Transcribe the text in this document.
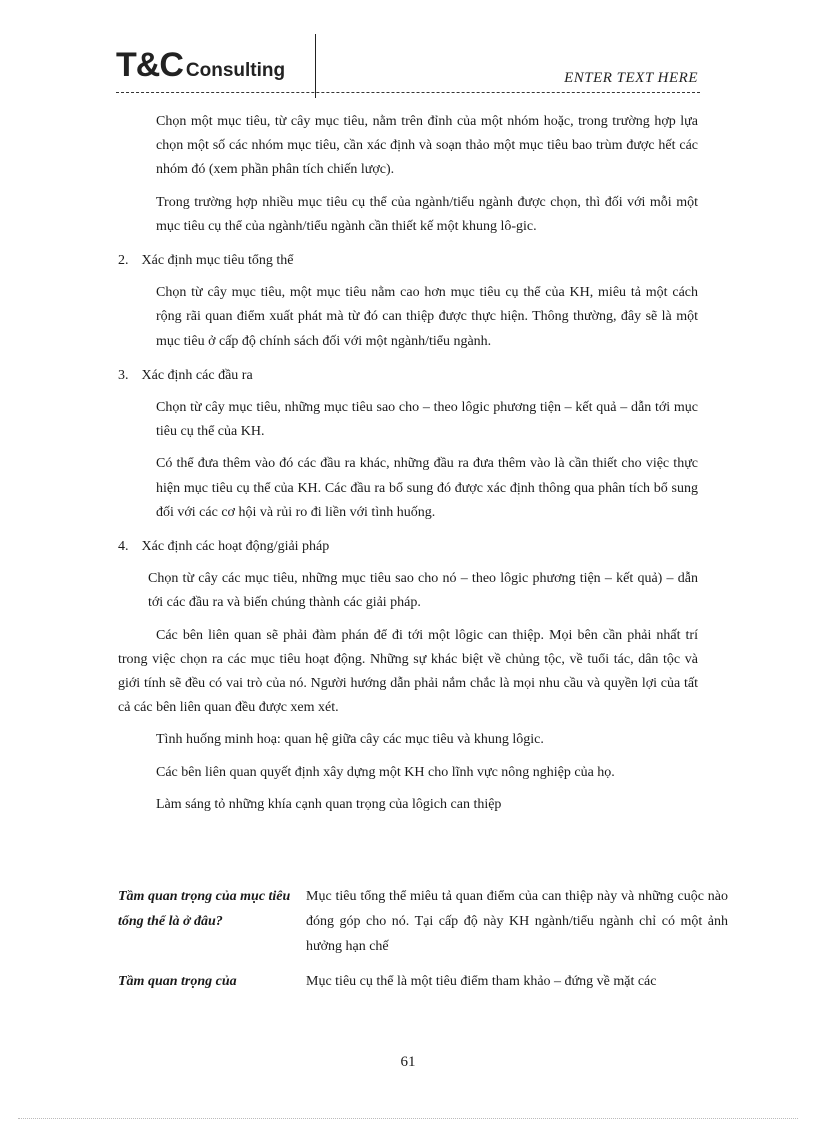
T&C Consulting	ENTER TEXT HERE

Chọn một mục tiêu, từ cây mục tiêu, nằm trên đỉnh của một nhóm hoặc, trong trường hợp lựa chọn một số các nhóm mục tiêu, cần xác định và soạn thảo một mục tiêu bao trùm được hết các nhóm đó (xem phần phân tích chiến lược).

Trong trường hợp nhiều mục tiêu cụ thể của ngành/tiểu ngành được chọn, thì đối với mỗi một mục tiêu cụ thể của ngành/tiểu ngành cần thiết kế một khung lô-gic.

2. Xác định mục tiêu tổng thể

Chọn từ cây mục tiêu, một mục tiêu nằm cao hơn mục tiêu cụ thể của KH, miêu tả một cách rộng rãi quan điểm xuất phát mà từ đó can thiệp được thực hiện. Thông thường, đây sẽ là một mục tiêu ở cấp độ chính sách đối với một ngành/tiểu ngành.

3. Xác định các đầu ra

Chọn từ cây mục tiêu, những mục tiêu sao cho – theo lôgic phương tiện – kết quả – dẫn tới mục tiêu cụ thể của KH.

Có thể đưa thêm vào đó các đầu ra khác, những đầu ra đưa thêm vào là cần thiết cho việc thực hiện mục tiêu cụ thể của KH. Các đầu ra bổ sung đó được xác định thông qua phân tích bổ sung đối với các cơ hội và rủi ro đi liền với tình huống.

4. Xác định các hoạt động/giải pháp

Chọn từ cây các mục tiêu, những mục tiêu sao cho nó – theo lôgic phương tiện – kết quả) – dẫn tới các đầu ra và biến chúng thành các giải pháp.

Các bên liên quan sẽ phải đàm phán để đi tới một lôgic can thiệp. Mọi bên cần phải nhất trí trong việc chọn ra các mục tiêu hoạt động. Những sự khác biệt về chủng tộc, về tuổi tác, dân tộc và giới tính sẽ đều có vai trò của nó. Người hướng dẫn phải nắm chắc là mọi nhu cầu và quyền lợi của tất cả các bên liên quan đều được xem xét.

Tình huống minh hoạ: quan hệ giữa cây các mục tiêu và khung lôgic.

Các bên liên quan quyết định xây dựng một KH cho lĩnh vực nông nghiệp của họ.

Làm sáng tỏ những khía cạnh quan trọng của lôgich can thiệp

Tầm quan trọng của mục tiêu tổng thể là ở đâu?
Mục tiêu tổng thể miêu tả quan điểm của can thiệp này và những cuộc nào đóng góp cho nó. Tại cấp độ này KH ngành/tiểu ngành chỉ có một ảnh hưởng hạn chế
Tầm quan trọng của	Mục tiêu cụ thể là một tiêu điểm tham khảo – đứng về mặt các
61
